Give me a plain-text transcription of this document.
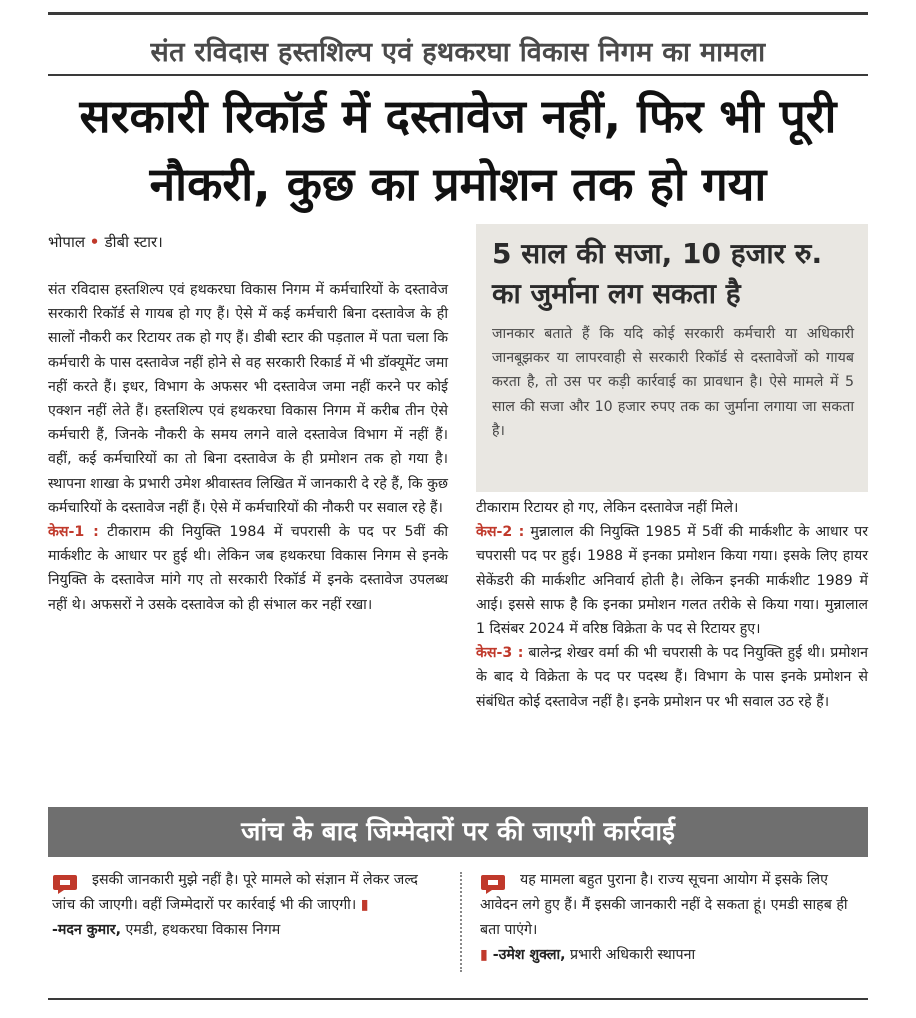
संत रविदास हस्तशिल्प एवं हथकरघा विकास निगम का मामला
सरकारी रिकॉर्ड में दस्तावेज नहीं, फिर भी पूरी नौकरी, कुछ का प्रमोशन तक हो गया
भोपाल • डीबी स्टार।

संत रविदास हस्तशिल्प एवं हथकरघा विकास निगम में कर्मचारियों के दस्तावेज सरकारी रिकॉर्ड से गायब हो गए हैं। ऐसे में कई कर्मचारी बिना दस्तावेज के ही सालों नौकरी कर रिटायर तक हो गए हैं। डीबी स्टार की पड़ताल में पता चला कि कर्मचारी के पास दस्तावेज नहीं होने से वह सरकारी रिकार्ड में भी डॉक्यूमेंट जमा नहीं करते हैं। इधर, विभाग के अफसर भी दस्तावेज जमा नहीं करने पर कोई एक्शन नहीं लेते हैं। हस्तशिल्प एवं हथकरघा विकास निगम में करीब तीन ऐसे कर्मचारी हैं, जिनके नौकरी के समय लगने वाले दस्तावेज विभाग में नहीं हैं। वहीं, कई कर्मचारियों का तो बिना दस्तावेज के ही प्रमोशन तक हो गया है। स्थापना शाखा के प्रभारी उमेश श्रीवास्तव लिखित में जानकारी दे रहे हैं, कि कुछ कर्मचारियों के दस्तावेज नहीं हैं। ऐसे में कर्मचारियों की नौकरी पर सवाल रहे हैं।

केस-1 : टीकाराम की नियुक्ति 1984 में चपरासी के पद पर 5वीं की मार्कशीट के आधार पर हुई थी। लेकिन जब हथकरघा विकास निगम से इनके नियुक्ति के दस्तावेज मांगे गए तो सरकारी रिकॉर्ड में इनके दस्तावेज उपलब्ध नहीं थे। अफसरों ने उसके दस्तावेज को ही संभाल कर नहीं रखा।

5 साल की सजा, 10 हजार रु. का जुर्माना लग सकता है
जानकार बताते हैं कि यदि कोई सरकारी कर्मचारी या अधिकारी जानबूझकर या लापरवाही से सरकारी रिकॉर्ड से दस्तावेजों को गायब करता है, तो उस पर कड़ी कार्रवाई का प्रावधान है। ऐसे मामले में 5 साल की सजा और 10 हजार रुपए तक का जुर्माना लगाया जा सकता है।

टीकाराम रिटायर हो गए, लेकिन दस्तावेज नहीं मिले।

केस-2 : मुन्नालाल की नियुक्ति 1985 में 5वीं की मार्कशीट के आधार पर चपरासी पद पर हुई। 1988 में इनका प्रमोशन किया गया। इसके लिए हायर सेकेंडरी की मार्कशीट अनिवार्य होती है। लेकिन इनकी मार्कशीट 1989 में आई। इससे साफ है कि इनका प्रमोशन गलत तरीके से किया गया। मुन्नालाल 1 दिसंबर 2024 में वरिष्ठ विक्रेता के पद से रिटायर हुए।

केस-3 : बालेन्द्र शेखर वर्मा की भी चपरासी के पद नियुक्ति हुई थी। प्रमोशन के बाद ये विक्रेता के पद पर पदस्थ हैं। विभाग के पास इनके प्रमोशन से संबंधित कोई दस्तावेज नहीं है। इनके प्रमोशन पर भी सवाल उठ रहे हैं।

जांच के बाद जिम्मेदारों पर की जाएगी कार्रवाई
इसकी जानकारी मुझे नहीं है। पूरे मामले को संज्ञान में लेकर जल्द जांच की जाएगी। वहीं जिम्मेदारों पर कार्रवाई भी की जाएगी। ▮
-मदन कुमार, एमडी, हथकरघा विकास निगम
यह मामला बहुत पुराना है। राज्य सूचना आयोग में इसके लिए आवेदन लगे हुए हैं। मैं इसकी जानकारी नहीं दे सकता हूं। एमडी साहब ही बता पाएंगे।
▮ -उमेश शुक्ला, प्रभारी अधिकारी स्थापना
